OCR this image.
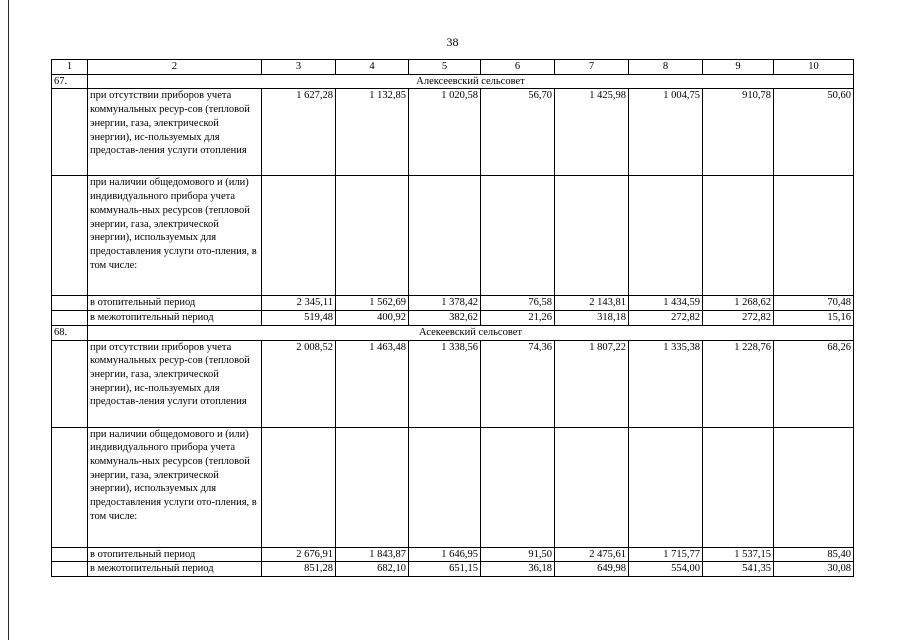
38
1	2	3	4	5	6	7	8	9	10
67.	Алексеевский сельсовет								
	при отсутствии приборов учета коммунальных ресур-сов (тепловой энергии, газа, электрической энергии), ис-пользуемых для предостав-ления услуги отопления	1 627,28	1 132,85	1 020,58	56,70	1 425,98	1 004,75	910,78	50,60
	при наличии общедомового и (или) индивидуального прибора учета коммуналь-ных ресурсов (тепловой энергии, газа, электрической энергии), используемых для предоставления услуги ото-пления, в том числе:								
	в отопительный период	2 345,11	1 562,69	1 378,42	76,58	2 143,81	1 434,59	1 268,62	70,48
	в межотопительный период	519,48	400,92	382,62	21,26	318,18	272,82	272,82	15,16
68.	Асекеевский сельсовет								
	при отсутствии приборов учета коммунальных ресур-сов (тепловой энергии, газа, электрической энергии), ис-пользуемых для предостав-ления услуги отопления	2 008,52	1 463,48	1 338,56	74,36	1 807,22	1 335,38	1 228,76	68,26
	при наличии общедомового и (или) индивидуального прибора учета коммуналь-ных ресурсов (тепловой энергии, газа, электрической энергии), используемых для предоставления услуги ото-пления, в том числе:								
	в отопительный период	2 676,91	1 843,87	1 646,95	91,50	2 475,61	1 715,77	1 537,15	85,40
	в межотопительный период	851,28	682,10	651,15	36,18	649,98	554,00	541,35	30,08
